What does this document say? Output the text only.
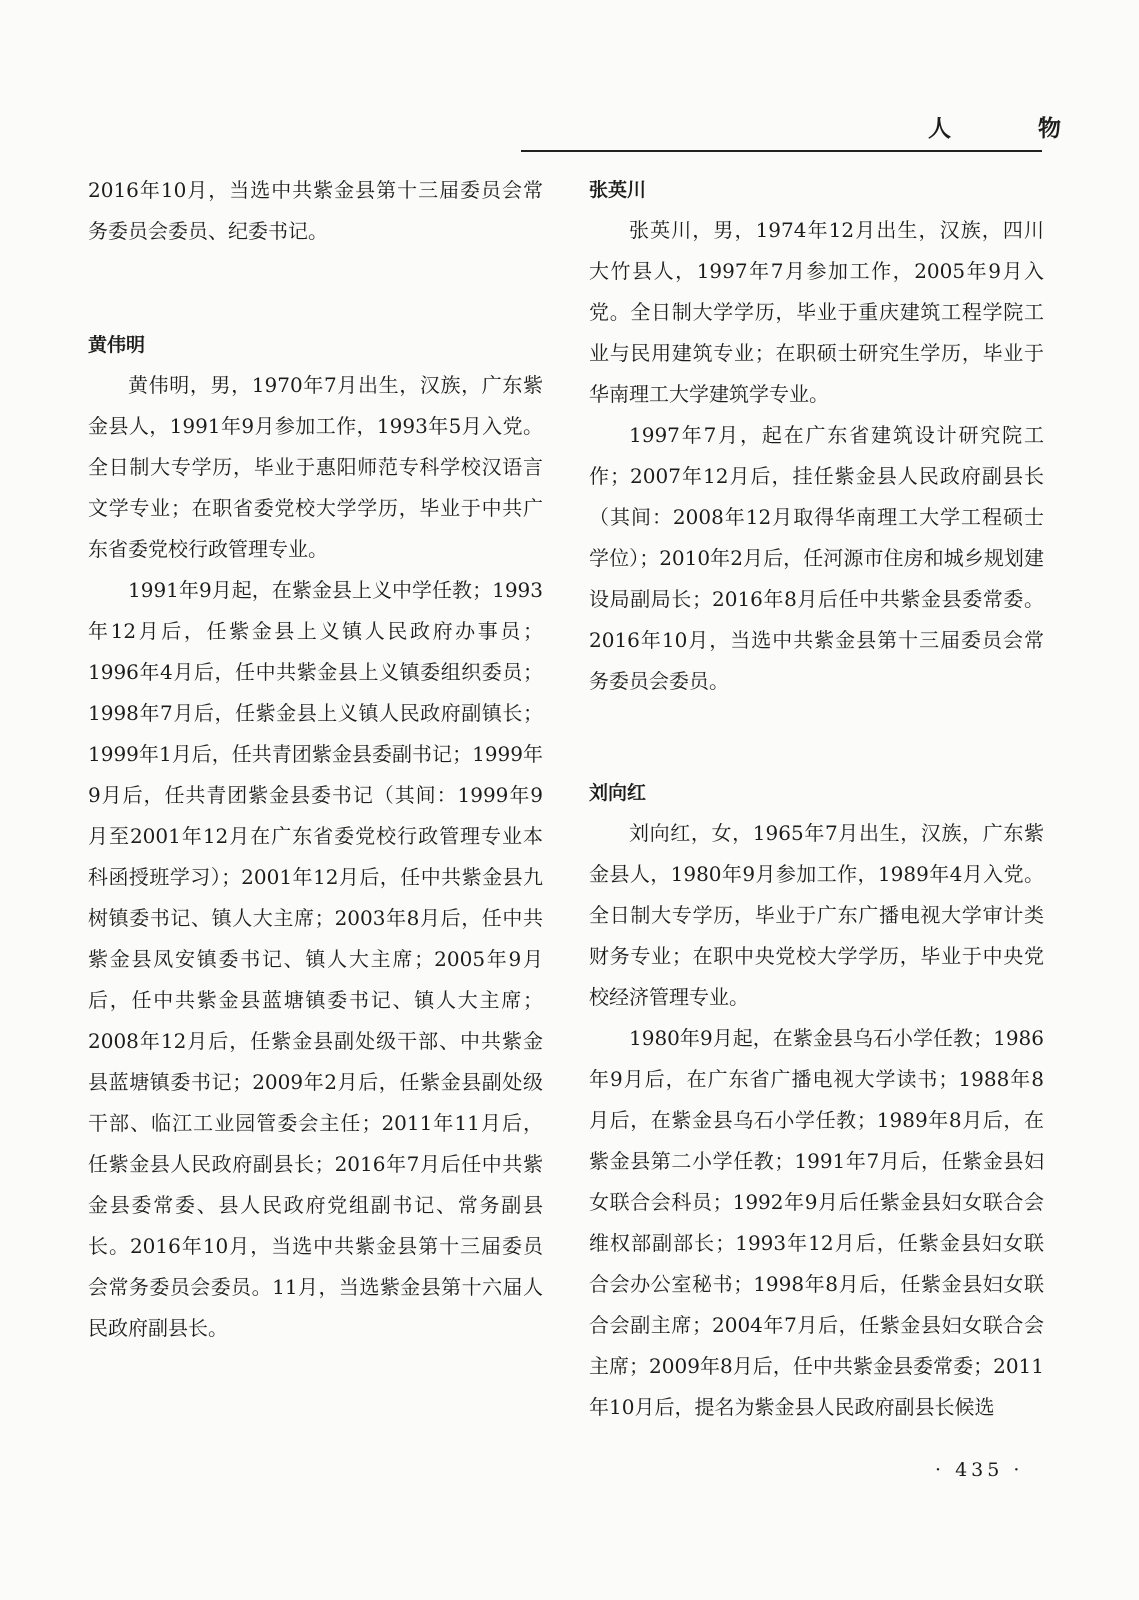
人　物

2016年10月，当选中共紫金县第十三届委员会常务委员会委员、纪委书记。

黄伟明

黄伟明，男，1970年7月出生，汉族，广东紫金县人，1991年9月参加工作，1993年5月入党。全日制大专学历，毕业于惠阳师范专科学校汉语言文学专业；在职省委党校大学学历，毕业于中共广东省委党校行政管理专业。

1991年9月起，在紫金县上义中学任教；1993年12月后，任紫金县上义镇人民政府办事员；1996年4月后，任中共紫金县上义镇委组织委员；1998年7月后，任紫金县上义镇人民政府副镇长；1999年1月后，任共青团紫金县委副书记；1999年9月后，任共青团紫金县委书记（其间：1999年9月至2001年12月在广东省委党校行政管理专业本科函授班学习）；2001年12月后，任中共紫金县九树镇委书记、镇人大主席；2003年8月后，任中共紫金县凤安镇委书记、镇人大主席；2005年9月后，任中共紫金县蓝塘镇委书记、镇人大主席；2008年12月后，任紫金县副处级干部、中共紫金县蓝塘镇委书记；2009年2月后，任紫金县副处级干部、临江工业园管委会主任；2011年11月后，任紫金县人民政府副县长；2016年7月后任中共紫金县委常委、县人民政府党组副书记、常务副县长。2016年10月，当选中共紫金县第十三届委员会常务委员会委员。11月，当选紫金县第十六届人民政府副县长。

张英川

张英川，男，1974年12月出生，汉族，四川大竹县人，1997年7月参加工作，2005年9月入党。全日制大学学历，毕业于重庆建筑工程学院工业与民用建筑专业；在职硕士研究生学历，毕业于华南理工大学建筑学专业。

1997年7月，起在广东省建筑设计研究院工作；2007年12月后，挂任紫金县人民政府副县长（其间：2008年12月取得华南理工大学工程硕士学位）；2010年2月后，任河源市住房和城乡规划建设局副局长；2016年8月后任中共紫金县委常委。2016年10月，当选中共紫金县第十三届委员会常务委员会委员。

刘向红

刘向红，女，1965年7月出生，汉族，广东紫金县人，1980年9月参加工作，1989年4月入党。全日制大专学历，毕业于广东广播电视大学审计类财务专业；在职中央党校大学学历，毕业于中央党校经济管理专业。

1980年9月起，在紫金县乌石小学任教；1986年9月后，在广东省广播电视大学读书；1988年8月后，在紫金县乌石小学任教；1989年8月后，在紫金县第二小学任教；1991年7月后，任紫金县妇女联合会科员；1992年9月后任紫金县妇女联合会维权部副部长；1993年12月后，任紫金县妇女联合会办公室秘书；1998年8月后，任紫金县妇女联合会副主席；2004年7月后，任紫金县妇女联合会主席；2009年8月后，任中共紫金县委常委；2011年10月后，提名为紫金县人民政府副县长候选

· 435 ·
